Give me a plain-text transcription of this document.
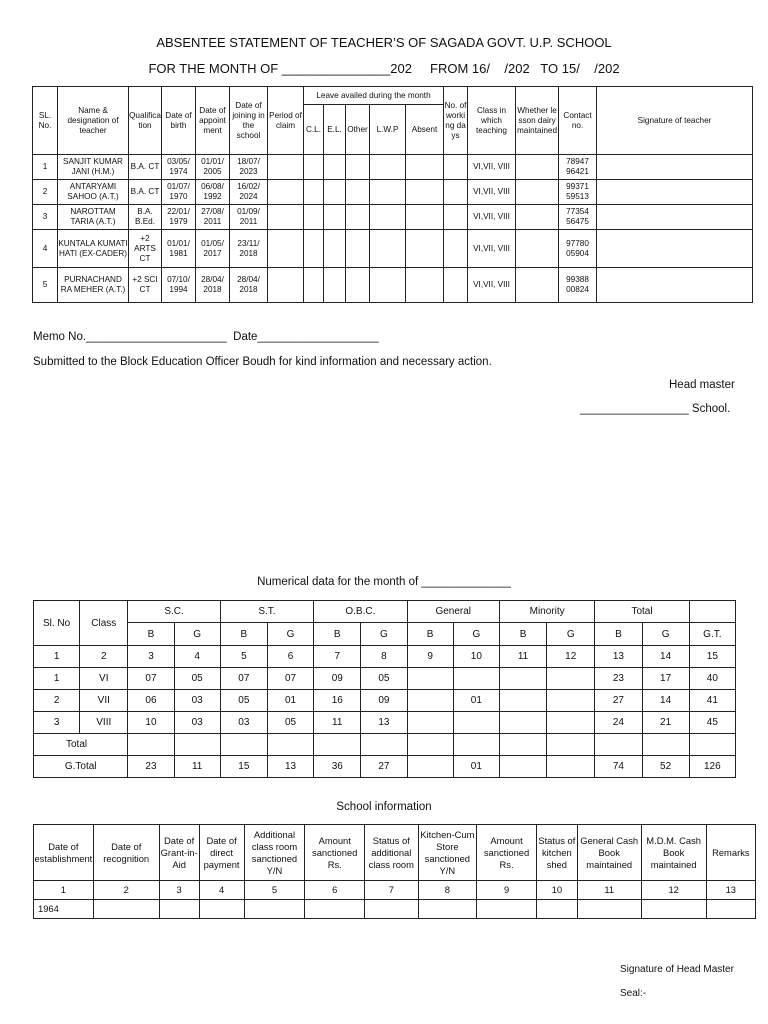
ABSENTEE STATEMENT OF TEACHER’S OF SAGADA GOVT. U.P. SCHOOL
FOR THE MONTH OF _______________202     FROM 16/    /202   TO 15/    /202
SL. No.	Name & designation of teacher	Qualification	Date of birth	Date of appointment	Date of joining in the school	Period of claim	Leave availed during the month					No. of working days	Class in which teaching	Whether lesson dairy maintained	Contact no.	Signature of teacher
							C.L.	E.L.	Other	L.W.P	Absent					
1	SANJIT KUMAR JANI (H.M.)	B.A. CT	03/05/ 1974	01/01/ 2005	18/07/ 2023								VI,VII, VIII		78947 96421	
2	ANTARYAMI SAHOO (A.T.)	B.A. CT	01/07/ 1970	06/08/ 1992	16/02/ 2024								VI,VII, VIII		99371 59513	
3	NAROTTAM TARIA (A.T.)	B.A. B.Ed.	22/01/ 1979	27/08/ 2011	01/09/ 2011								VI,VII, VIII		77354 56475	
4	KUNTALA KUMATI HATI (EX-CADER)	+2 ARTS CT	01/01/ 1981	01/05/ 2017	23/11/ 2018								VI,VII, VIII		97780 05904	
5	PURNACHAND RA MEHER (A.T.)	+2 SCI CT	07/10/ 1994	28/04/ 2018	28/04/ 2018								VI,VII, VIII		99388 00824	
Memo No.______________________  Date___________________
Submitted to the Block Education Officer Boudh for kind information and necessary action.
Head master
_________________ School.
Numerical data for the month of ______________
Sl. No	Class	S.C.		S.T.		O.B.C.		General		Minority		Total		
		B	G	B	G	B	G	B	G	B	G	B	G	G.T.
1	2	3	4	5	6	7	8	9	10	11	12	13	14	15
1	VI	07	05	07	07	09	05					23	17	40
2	VII	06	03	05	01	16	09		01			27	14	41
3	VIII	10	03	03	05	11	13					24	21	45
Total														
G.Total		23	11	15	13	36	27		01			74	52	126
School information
Date of establishment	Date of recognition	Date of Grant-in-Aid	Date of direct payment	Additional class room sanctioned Y/N	Amount sanctioned Rs.	Status of additional class room	Kitchen-Cum Store sanctioned Y/N	Amount sanctioned Rs.	Status of kitchen shed	General Cash Book maintained	M.D.M. Cash Book maintained	Remarks
1	2	3	4	5	6	7	8	9	10	11	12	13
1964												
Signature of Head Master
Seal:-
